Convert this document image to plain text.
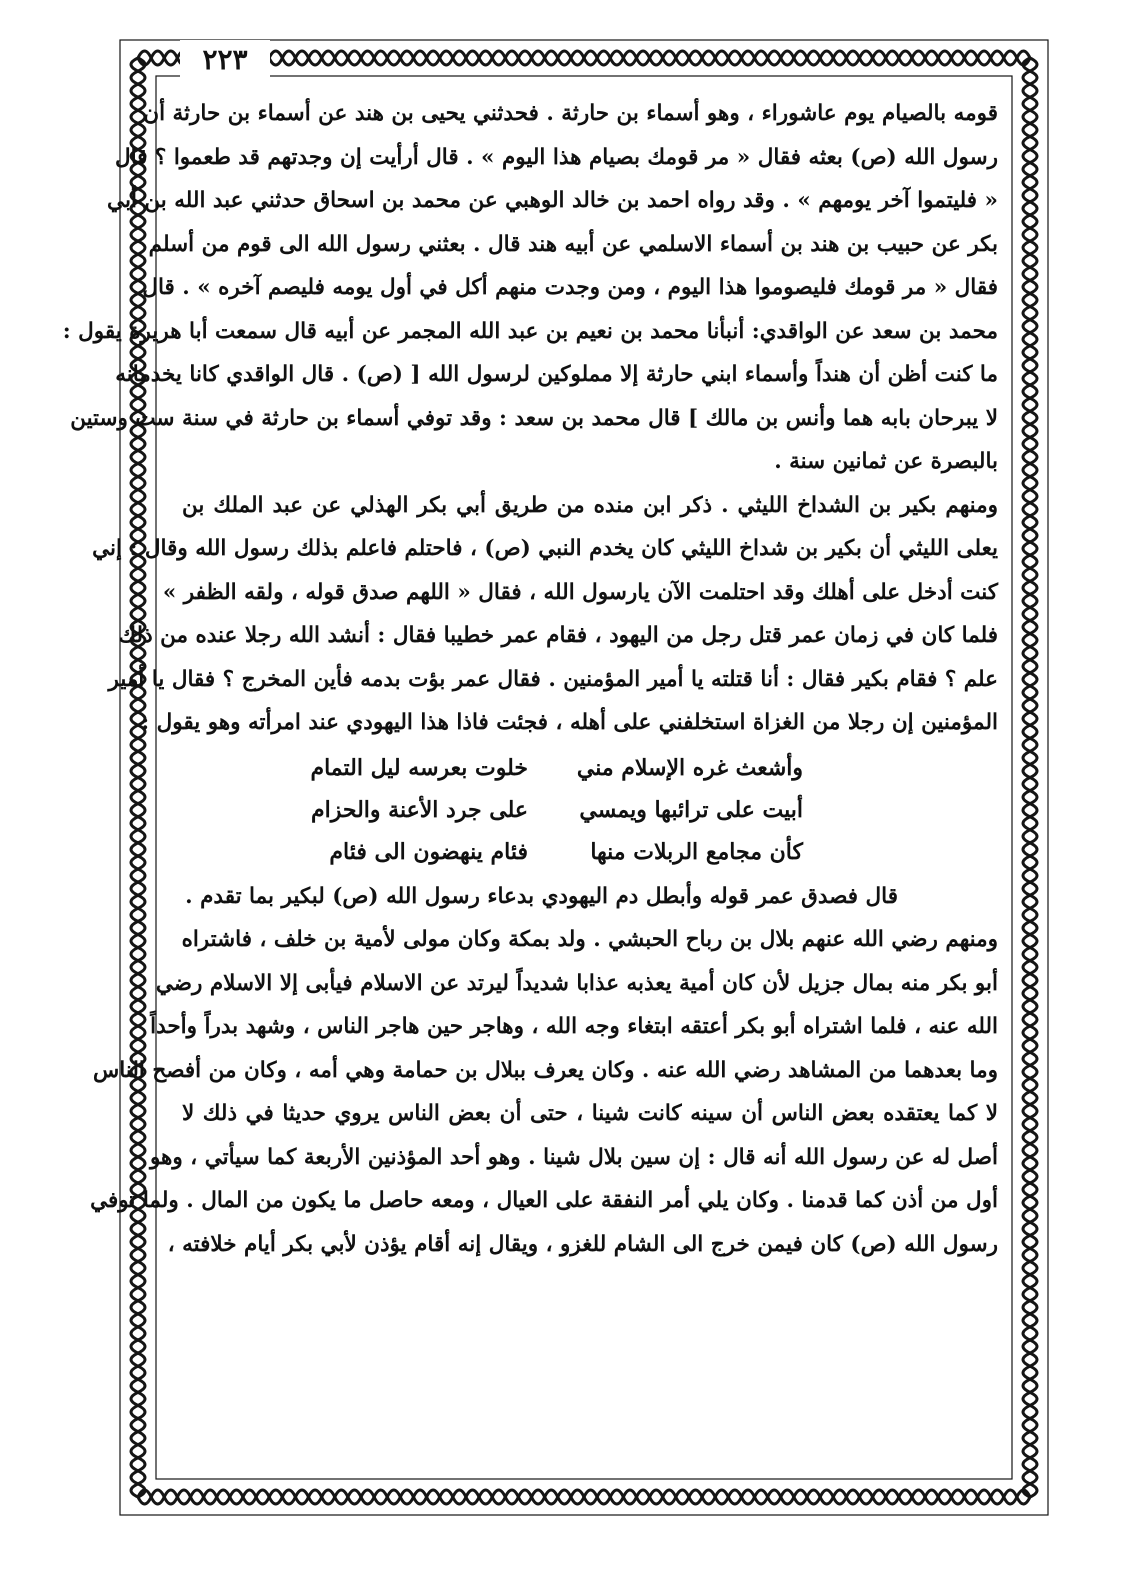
٢٢٣
قومه بالصيام يوم عاشوراء ، وهو أسماء بن حارثة . فحدثني يحيى بن هند عن أسماء بن حارثة أن
رسول الله (ص) بعثه فقال « مر قومك بصيام هذا اليوم » . قال أرأيت إن وجدتهم قد طعموا ؟ قال
« فليتموا آخر يومهم » . وقد رواه احمد بن خالد الوهبي عن محمد بن اسحاق حدثني عبد الله بن أبي
بكر عن حبيب بن هند بن أسماء الاسلمي عن أبيه هند قال . بعثني رسول الله الى قوم من أسلم
فقال « مر قومك فليصوموا هذا اليوم ، ومن وجدت منهم أكل في أول يومه فليصم آخره » . قال
محمد بن سعد عن الواقدي: أنبأنا محمد بن نعيم بن عبد الله المجمر عن أبيه قال سمعت أبا هريرة يقول :
ما كنت أظن أن هنداً وأسماء ابني حارثة إلا مملوكين لرسول الله [ (ص) . قال الواقدي كانا يخدمانه
لا يبرحان بابه هما وأنس بن مالك ] قال محمد بن سعد : وقد توفي أسماء بن حارثة في سنة ست وستين
بالبصرة عن ثمانين سنة .
ومنهم بكير بن الشداخ الليثي . ذكر ابن منده من طريق أبي بكر الهذلي عن عبد الملك بن
يعلى الليثي أن بكير بن شداخ الليثي كان يخدم النبي (ص) ، فاحتلم فاعلم بذلك رسول الله وقال : إني
كنت أدخل على أهلك وقد احتلمت الآن يارسول الله ، فقال « اللهم صدق قوله ، ولقه الظفر »
فلما كان في زمان عمر قتل رجل من اليهود ، فقام عمر خطيبا فقال : أنشد الله رجلا عنده من ذلك
علم ؟ فقام بكير فقال : أنا قتلته يا أمير المؤمنين . فقال عمر بؤت بدمه فأين المخرج ؟ فقال يا أمير
المؤمنين إن رجلا من الغزاة استخلفني على أهله ، فجئت فاذا هذا اليهودي عند امرأته وهو يقول :
وأشعث غره الإسلام مني
خلوت بعرسه ليل التمام
أبيت على ترائبها ويمسي
على جرد الأعنة والحزام
كأن مجامع الربلات منها
فئام ينهضون الى فئام
قال فصدق عمر قوله وأبطل دم اليهودي بدعاء رسول الله (ص) لبكير بما تقدم .
ومنهم رضي الله عنهم بلال بن رباح الحبشي . ولد بمكة وكان مولى لأمية بن خلف ، فاشتراه
أبو بكر منه بمال جزيل لأن كان أمية يعذبه عذابا شديداً ليرتد عن الاسلام فيأبى إلا الاسلام رضي
الله عنه ، فلما اشتراه أبو بكر أعتقه ابتغاء وجه الله ، وهاجر حين هاجر الناس ، وشهد بدراً وأحداً
وما بعدهما من المشاهد رضي الله عنه . وكان يعرف ببلال بن حمامة وهي أمه ، وكان من أفصح الناس
لا كما يعتقده بعض الناس أن سينه كانت شينا ، حتى أن بعض الناس يروي حديثا في ذلك لا
أصل له عن رسول الله أنه قال : إن سين بلال شينا . وهو أحد المؤذنين الأربعة كما سيأتي ، وهو
أول من أذن كما قدمنا . وكان يلي أمر النفقة على العيال ، ومعه حاصل ما يكون من المال . ولما توفي
رسول الله (ص) كان فيمن خرج الى الشام للغزو ، ويقال إنه أقام يؤذن لأبي بكر أيام خلافته ،
